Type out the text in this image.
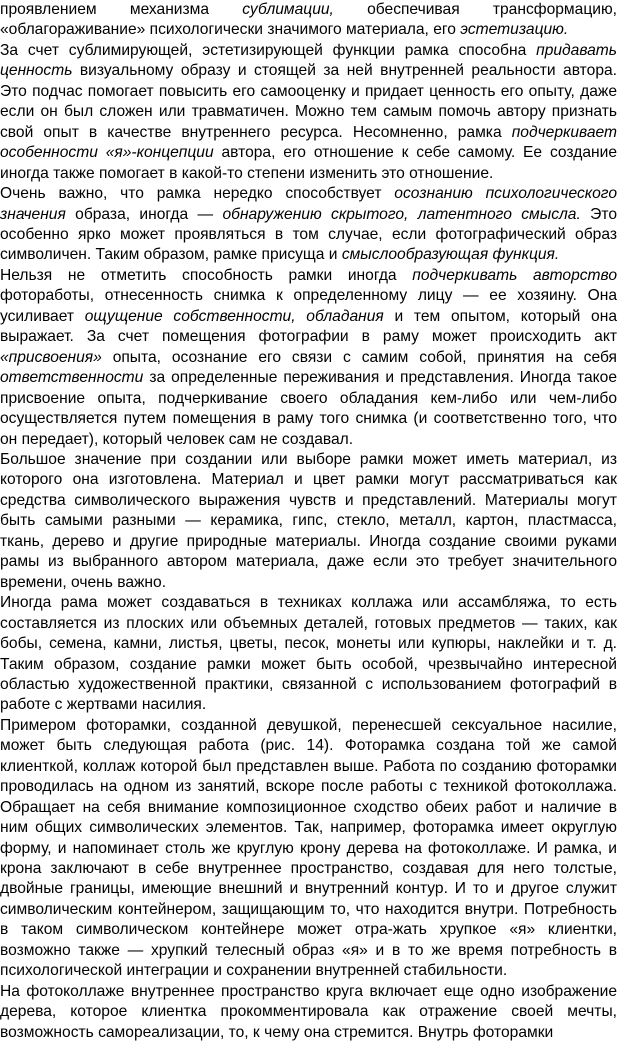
проявлением механизма сублимации, обеспечивая трансформацию, «облагораживание» психологически значимого материала, его эстетизацию.

За счет сублимирующей, эстетизирующей функции рамка способна придавать ценность визуальному образу и стоящей за ней внутренней реальности автора. Это подчас помогает повысить его самооценку и придает ценность его опыту, даже если он был сложен или травматичен. Можно тем самым помочь автору признать свой опыт в качестве внутреннего ресурса. Несомненно, рамка подчеркивает особенности «я»-концепции автора, его отношение к себе самому. Ее создание иногда также помогает в какой-то степени изменить это отношение.

Очень важно, что рамка нередко способствует осознанию психологического значения образа, иногда — обнаружению скрытого, латентного смысла. Это особенно ярко может проявляться в том случае, если фотографический образ символичен. Таким образом, рамке присуща и смыслообразующая функция.

Нельзя не отметить способность рамки иногда подчеркивать авторство фотоработы, отнесенность снимка к определенному лицу — ее хозяину. Она усиливает ощущение собственности, обладания и тем опытом, который она выражает. За счет помещения фотографии в раму может происходить акт «присвоения» опыта, осознание его связи с самим собой, принятия на себя ответственности за определенные переживания и представления. Иногда такое присвоение опыта, подчеркивание своего обладания кем-либо или чем-либо осуществляется путем помещения в раму того снимка (и соответственно того, что он передает), который человек сам не создавал.

Большое значение при создании или выборе рамки может иметь материал, из которого она изготовлена. Материал и цвет рамки могут рассматриваться как средства символического выражения чувств и представлений. Материалы могут быть самыми разными — керамика, гипс, стекло, металл, картон, пластмасса, ткань, дерево и другие природные материалы. Иногда создание своими руками рамы из выбранного автором материала, даже если это требует значительного времени, очень важно.

Иногда рама может создаваться в техниках коллажа или ассамбляжа, то есть составляется из плоских или объемных деталей, готовых предметов — таких, как бобы, семена, камни, листья, цветы, песок, монеты или купюры, наклейки и т. д. Таким образом, создание рамки может быть особой, чрезвычайно интересной областью художественной практики, связанной с использованием фотографий в работе с жертвами насилия.

Примером фоторамки, созданной девушкой, перенесшей сексуальное насилие, может быть следующая работа (рис. 14). Фоторамка создана той же самой клиенткой, коллаж которой был представлен выше. Работа по созданию фоторамки проводилась на одном из занятий, вскоре после работы с техникой фотоколлажа. Обращает на себя внимание композиционное сходство обеих работ и наличие в ним общих символических элементов. Так, например, фоторамка имеет округлую форму, и напоминает столь же круглую крону дерева на фотоколлаже. И рамка, и крона заключают в себе внутреннее пространство, создавая для него толстые, двойные границы, имеющие внешний и внутренний контур. И то и другое служит символическим контейнером, защищающим то, что находится внутри. Потребность в таком символическом контейнере может отра-жать хрупкое «я» клиентки, возможно также — хрупкий телесный образ «я» и в то же время потребность в психологической интеграции и сохранении внутренней стабильности.

На фотоколлаже внутреннее пространство круга включает еще одно изображение дерева, которое клиентка прокомментировала как отражение своей мечты, возможность самореализации, то, к чему она стремится. Внутрь фоторамки
